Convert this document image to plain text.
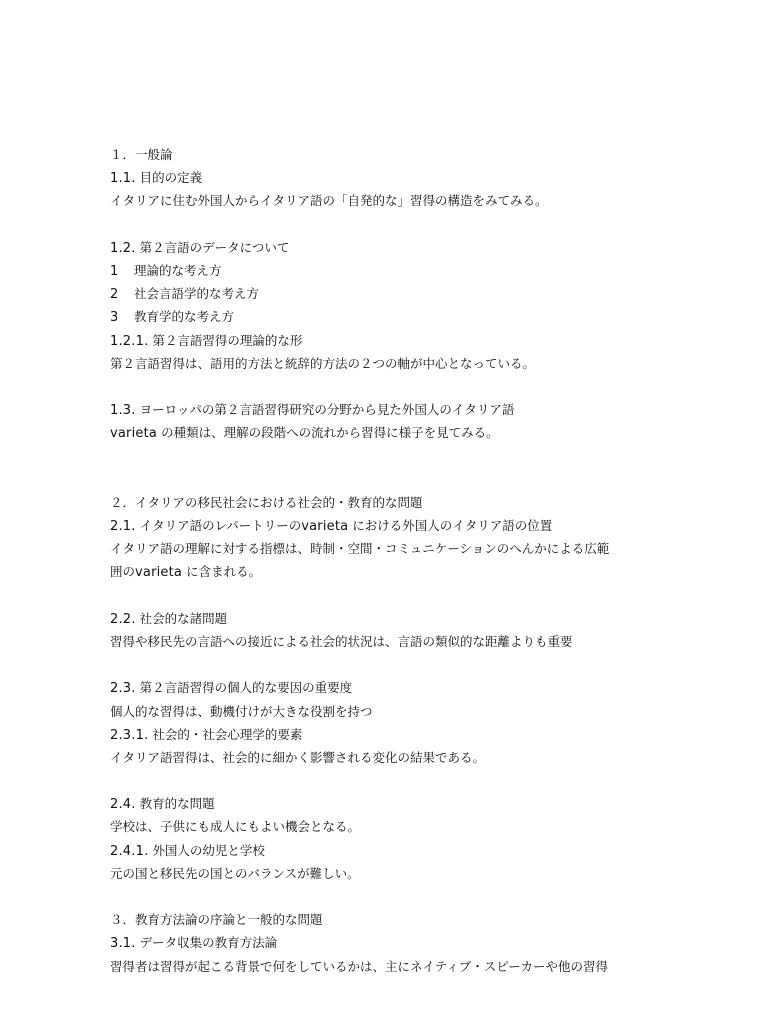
１．一般論
1.1. 目的の定義
イタリアに住む外国人からイタリア語の「自発的な」習得の構造をみてみる。
1.2. 第２言語のデータについて
1 理論的な考え方
2 社会言語学的な考え方
3 教育学的な考え方
1.2.1. 第２言語習得の理論的な形
第２言語習得は、語用的方法と統辞的方法の２つの軸が中心となっている。
1.3. ヨーロッパの第２言語習得研究の分野から見た外国人のイタリア語
varieta の種類は、理解の段階への流れから習得に様子を見てみる。
２．イタリアの移民社会における社会的・教育的な問題
2.1. イタリア語のレパートリーのvarieta における外国人のイタリア語の位置
イタリア語の理解に対する指標は、時制・空間・コミュニケーションのへんかによる広範
囲のvarieta に含まれる。
2.2. 社会的な諸問題
習得や移民先の言語への接近による社会的状況は、言語の類似的な距離よりも重要
2.3. 第２言語習得の個人的な要因の重要度
個人的な習得は、動機付けが大きな役割を持つ
2.3.1. 社会的・社会心理学的要素
イタリア語習得は、社会的に細かく影響される変化の結果である。
2.4. 教育的な問題
学校は、子供にも成人にもよい機会となる。
2.4.1. 外国人の幼児と学校
元の国と移民先の国とのバランスが難しい。
３．教育方法論の序論と一般的な問題
3.1. データ収集の教育方法論
習得者は習得が起こる背景で何をしているかは、主にネイティブ・スピーカーや他の習得
